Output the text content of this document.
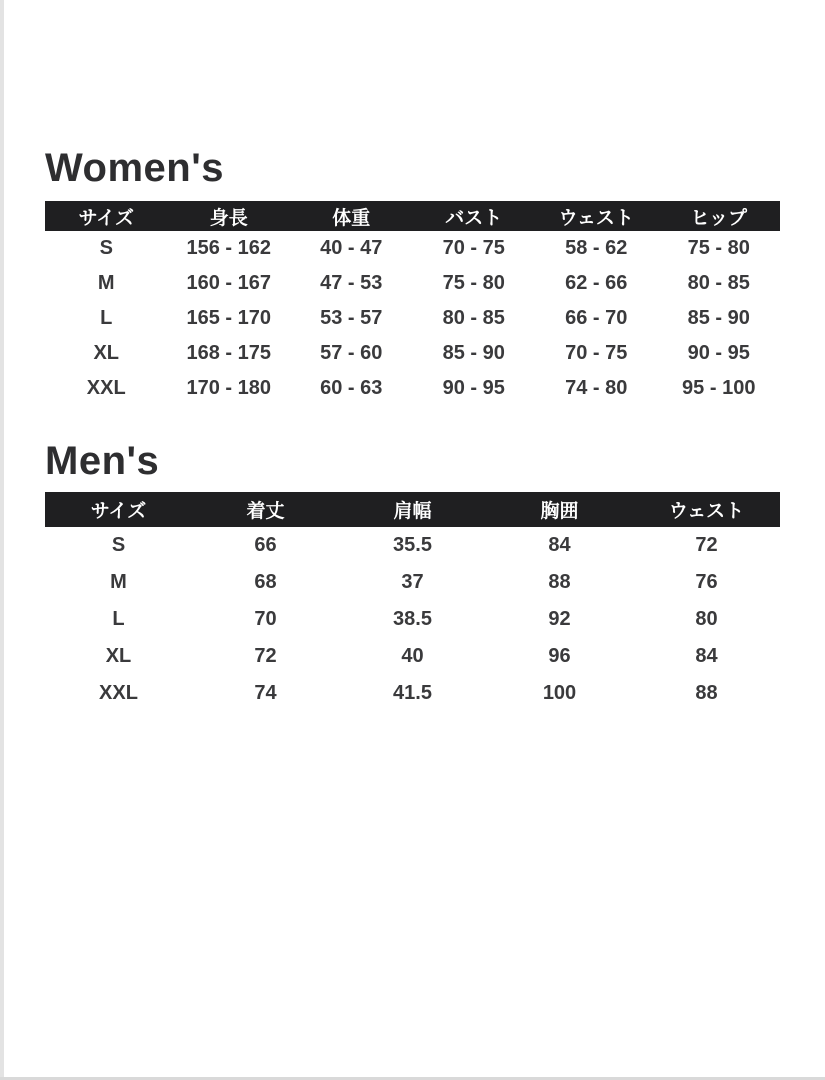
Women's
サイズ	身長	体重	バスト	ウェスト	ヒップ
S	156 - 162	40 - 47	70 - 75	58 - 62	75 - 80
M	160 - 167	47 - 53	75 - 80	62 - 66	80 - 85
L	165 - 170	53 - 57	80 - 85	66 - 70	85 - 90
XL	168 - 175	57 - 60	85 - 90	70 - 75	90 - 95
XXL	170 - 180	60 - 63	90 - 95	74 - 80	95 - 100
Men's
サイズ	着丈	肩幅	胸囲	ウェスト
S	66	35.5	84	72
M	68	37	88	76
L	70	38.5	92	80
XL	72	40	96	84
XXL	74	41.5	100	88
